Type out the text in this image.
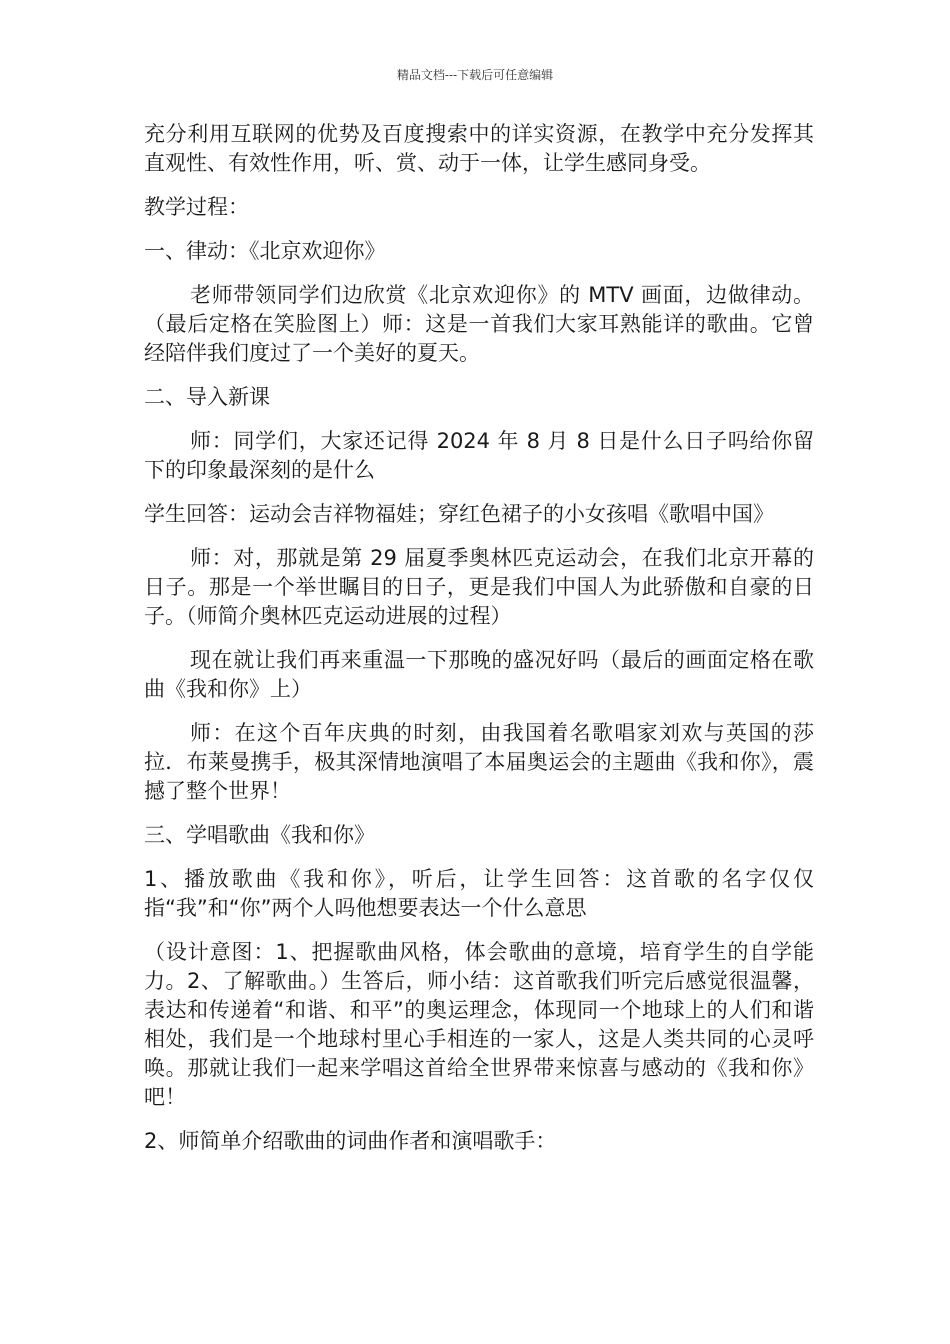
精品文档---下载后可任意编辑

充分利用互联网的优势及百度搜索中的详实资源，在教学中充分发挥其直观性、有效性作用，听、赏、动于一体，让学生感同身受。

教学过程：

一、律动：《北京欢迎你》

老师带领同学们边欣赏《北京欢迎你》的 MTV 画面，边做律动。（最后定格在笑脸图上）师：这是一首我们大家耳熟能详的歌曲。它曾经陪伴我们度过了一个美好的夏天。

二、导入新课

师：同学们，大家还记得 2024 年 8 月 8 日是什么日子吗给你留下的印象最深刻的是什么

学生回答：运动会吉祥物福娃；穿红色裙子的小女孩唱《歌唱中国》

师：对，那就是第 29 届夏季奥林匹克运动会，在我们北京开幕的日子。那是一个举世瞩目的日子，更是我们中国人为此骄傲和自豪的日子。（师简介奥林匹克运动进展的过程）

现在就让我们再来重温一下那晚的盛况好吗（最后的画面定格在歌曲《我和你》上）

师：在这个百年庆典的时刻，由我国着名歌唱家刘欢与英国的莎拉．布莱曼携手，极其深情地演唱了本届奥运会的主题曲《我和你》，震撼了整个世界！

三、学唱歌曲《我和你》

1、播放歌曲《我和你》，听后，让学生回答：这首歌的名字仅仅指“我”和“你”两个人吗他想要表达一个什么意思

（设计意图：1、把握歌曲风格，体会歌曲的意境，培育学生的自学能力。2、了解歌曲。）生答后，师小结：这首歌我们听完后感觉很温馨，表达和传递着“和谐、和平”的奥运理念，体现同一个地球上的人们和谐相处，我们是一个地球村里心手相连的一家人，这是人类共同的心灵呼唤。那就让我们一起来学唱这首给全世界带来惊喜与感动的《我和你》吧！

2、师简单介绍歌曲的词曲作者和演唱歌手：
